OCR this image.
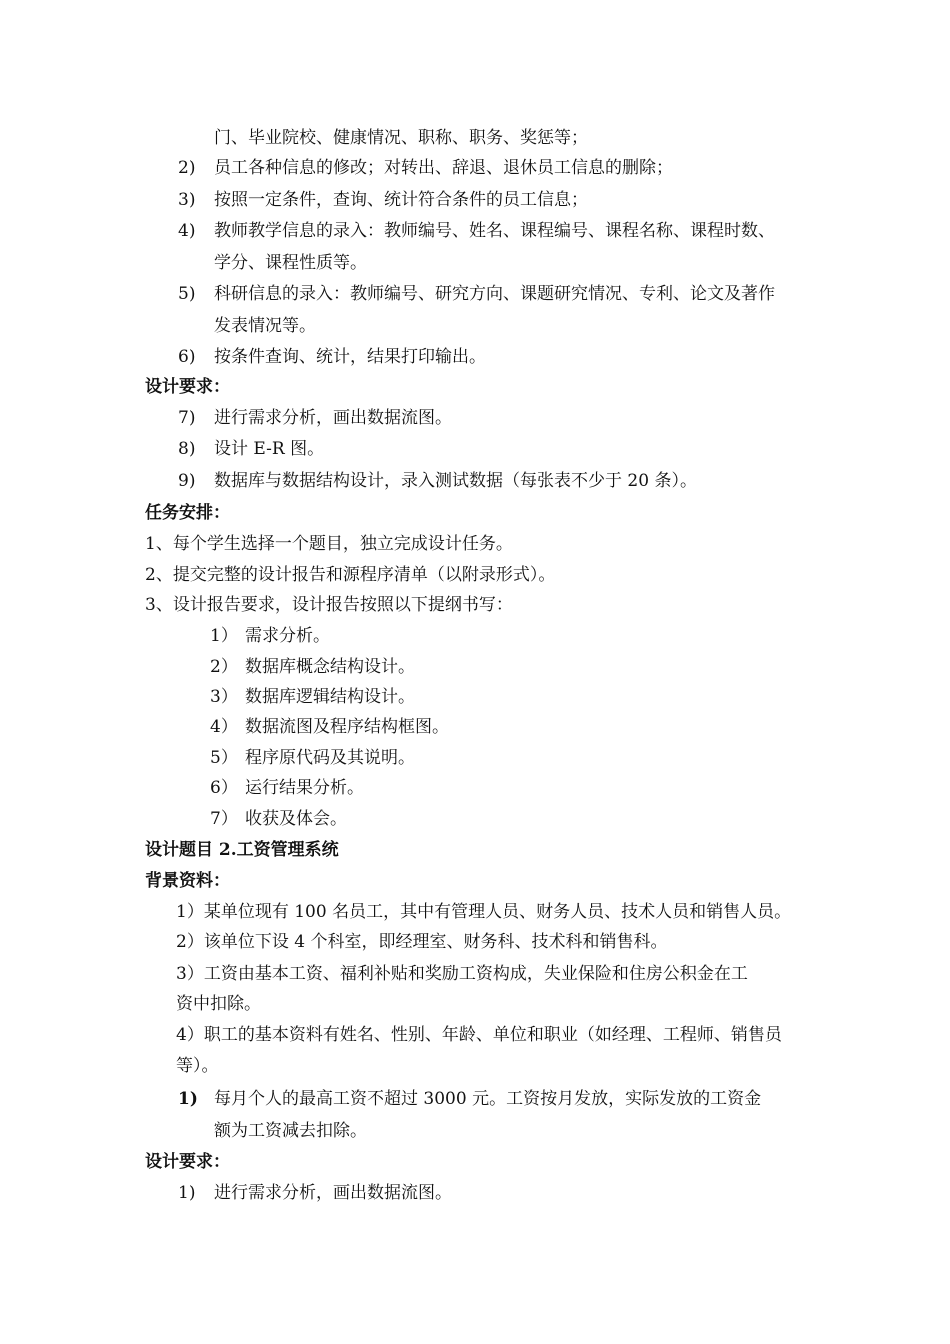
门、毕业院校、健康情况、职称、职务、奖惩等；
2) 员工各种信息的修改；对转出、辞退、退休员工信息的删除；
3) 按照一定条件，查询、统计符合条件的员工信息；
4) 教师教学信息的录入：教师编号、姓名、课程编号、课程名称、课程时数、
学分、课程性质等。
5) 科研信息的录入：教师编号、研究方向、课题研究情况、专利、论文及著作
发表情况等。
6) 按条件查询、统计，结果打印输出。
设计要求：
7) 进行需求分析，画出数据流图。
8) 设计 E-R 图。
9) 数据库与数据结构设计，录入测试数据（每张表不少于 20 条）。
任务安排：
1、每个学生选择一个题目，独立完成设计任务。
2、提交完整的设计报告和源程序清单（以附录形式）。
3、设计报告要求，设计报告按照以下提纲书写：
1） 需求分析。
2） 数据库概念结构设计。
3） 数据库逻辑结构设计。
4） 数据流图及程序结构框图。
5） 程序原代码及其说明。
6） 运行结果分析。
7） 收获及体会。
设计题目 2.工资管理系统
背景资料：
1）某单位现有 100 名员工，其中有管理人员、财务人员、技术人员和销售人员。
2）该单位下设 4 个科室，即经理室、财务科、技术科和销售科。
3）工资由基本工资、福利补贴和奖励工资构成，失业保险和住房公积金在工
资中扣除。
4）职工的基本资料有姓名、性别、年龄、单位和职业（如经理、工程师、销售员
等）。
1) 每月个人的最高工资不超过 3000 元。工资按月发放，实际发放的工资金
额为工资减去扣除。
设计要求：
1) 进行需求分析，画出数据流图。
